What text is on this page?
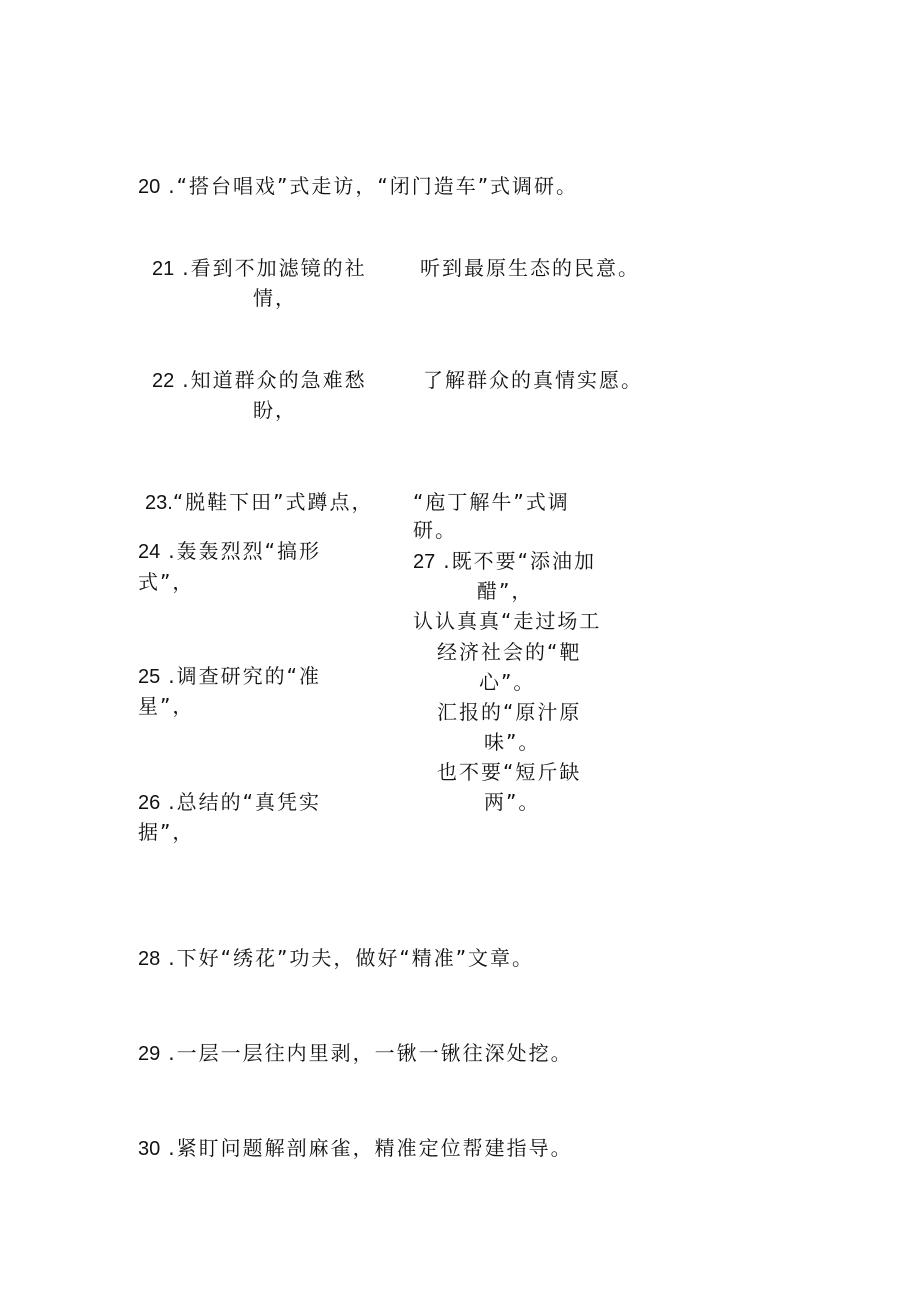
20 .“搭台唱戏”式走访，“闭门造车”式调研。
21 .看到不加滤镜的社
情，
听到最原生态的民意。
22 .知道群众的急难愁
盼，
了解群众的真情实愿。
23.“脱鞋下田”式蹲点， “庖丁解牛”式调
研。
24 .轰轰烈烈“搞形
式”，
27 .既不要“添油加
醋”，
认认真真“走过场工
经济社会的“靶
心”。
汇报的“原汁原
味”。
也不要“短斤缺
两”。
25 .调查研究的“准
星”，
26 .总结的“真凭实
据”，
28 .下好“绣花”功夫，做好“精准”文章。
29 .一层一层往内里剥，一锹一锹往深处挖。
30 .紧盯问题解剖麻雀，精准定位帮建指导。
